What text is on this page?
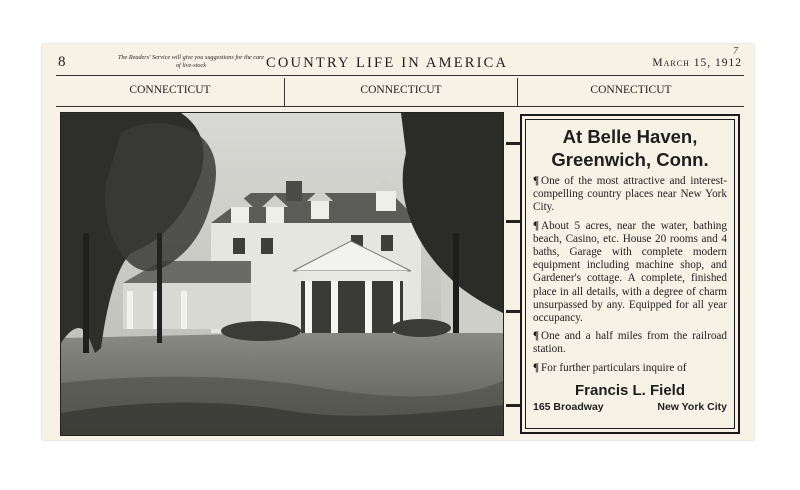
8	The Readers' Service will give you suggestions for the care of live-stock	COUNTRY LIFE IN AMERICA
7
March 15, 1912
CONNECTICUT	CONNECTICUT	CONNECTICUT
At Belle Haven,
Greenwich, Conn.

¶ One of the most attractive and interest-compelling country places near New York City.

¶ About 5 acres, near the water, bathing beach, Casino, etc. House 20 rooms and 4 baths, Garage with complete modern equipment including machine shop, and Gardener's cottage. A complete, finished place in all details, with a degree of charm unsurpassed by any. Equipped for all year occupancy.

¶ One and a half miles from the railroad station.

¶ For further particulars inquire of

Francis L. Field
165 Broadway	New York City
